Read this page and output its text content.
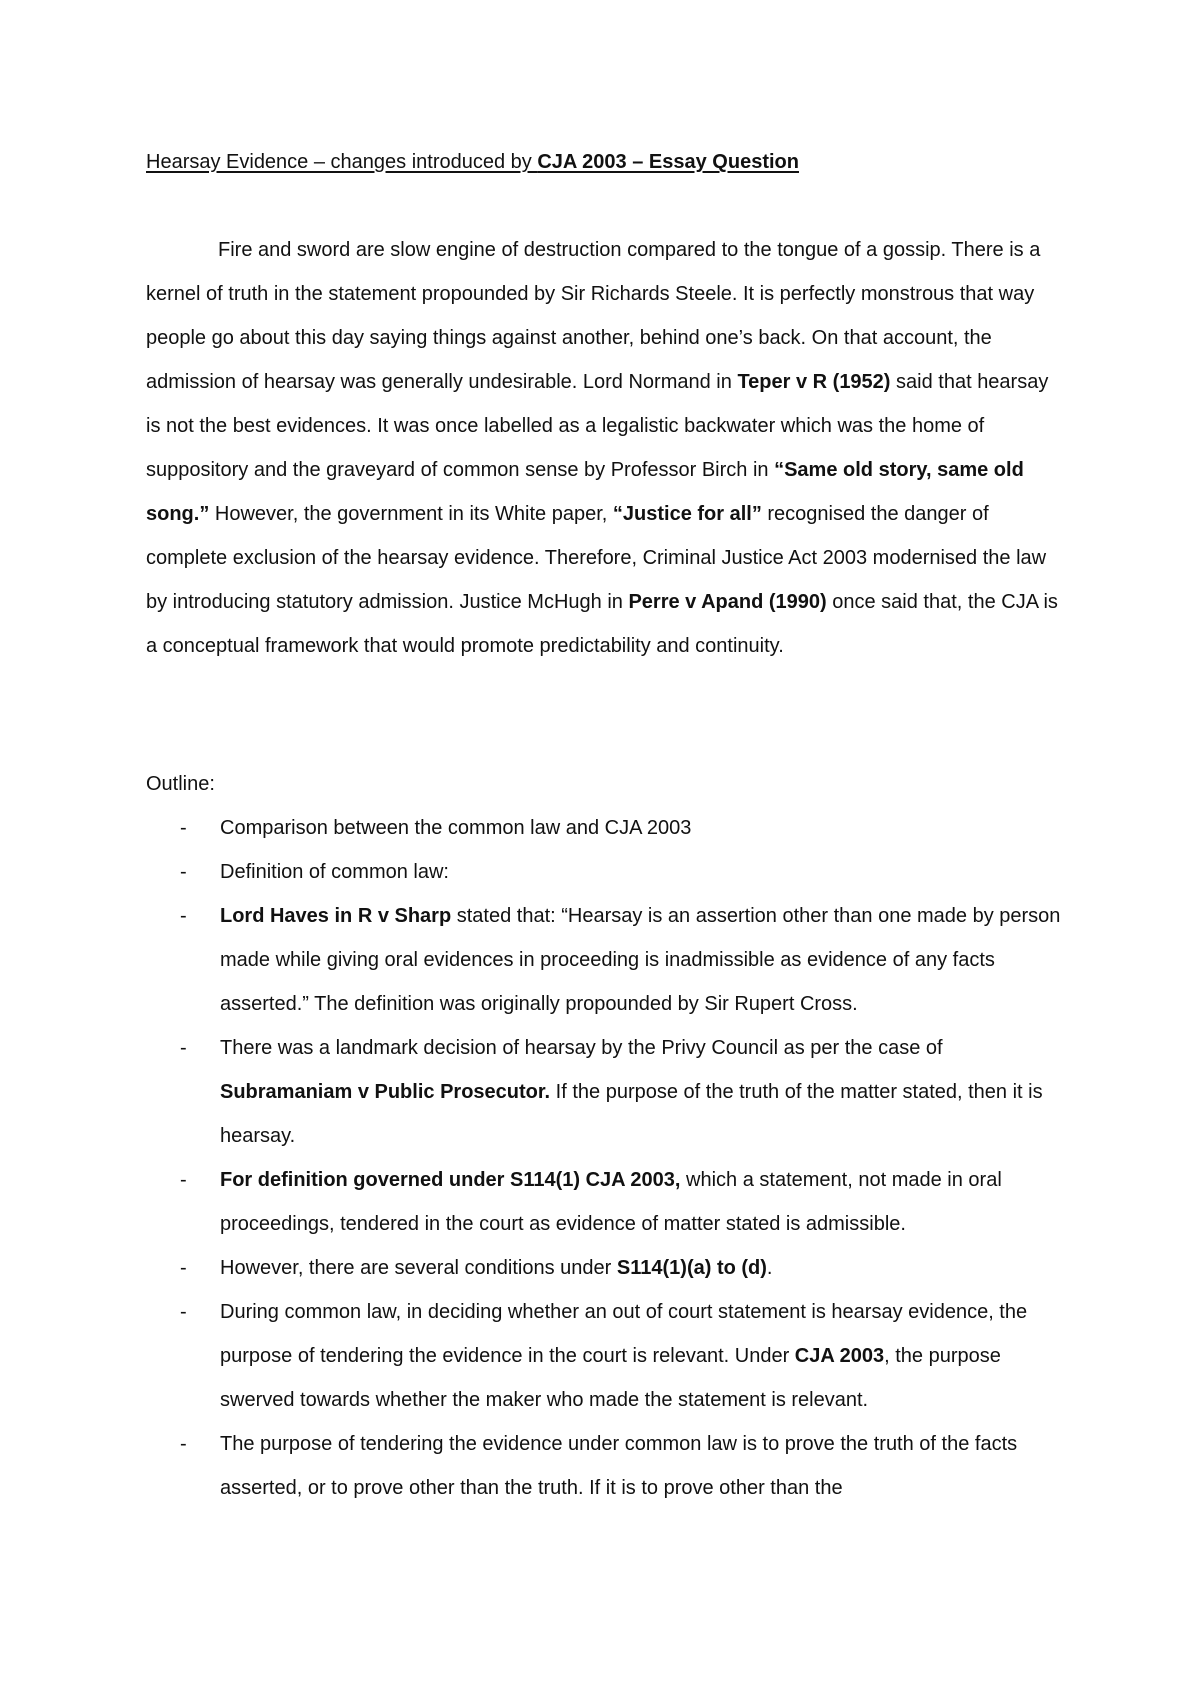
Hearsay Evidence – changes introduced by CJA 2003 – Essay Question

Fire and sword are slow engine of destruction compared to the tongue of a gossip. There is a kernel of truth in the statement propounded by Sir Richards Steele. It is perfectly monstrous that way people go about this day saying things against another, behind one’s back. On that account, the admission of hearsay was generally undesirable. Lord Normand in Teper v R (1952) said that hearsay is not the best evidences. It was once labelled as a legalistic backwater which was the home of suppository and the graveyard of common sense by Professor Birch in “Same old story, same old song.” However, the government in its White paper, “Justice for all” recognised the danger of complete exclusion of the hearsay evidence. Therefore, Criminal Justice Act 2003 modernised the law by introducing statutory admission. Justice McHugh in Perre v Apand (1990) once said that, the CJA is a conceptual framework that would promote predictability and continuity.

Outline:

- Comparison between the common law and CJA 2003
- Definition of common law:
- Lord Haves in R v Sharp stated that: “Hearsay is an assertion other than one made by person made while giving oral evidences in proceeding is inadmissible as evidence of any facts asserted.” The definition was originally propounded by Sir Rupert Cross.
- There was a landmark decision of hearsay by the Privy Council as per the case of Subramaniam v Public Prosecutor. If the purpose of the truth of the matter stated, then it is hearsay.
- For definition governed under S114(1) CJA 2003, which a statement, not made in oral proceedings, tendered in the court as evidence of matter stated is admissible.
- However, there are several conditions under S114(1)(a) to (d).
- During common law, in deciding whether an out of court statement is hearsay evidence, the purpose of tendering the evidence in the court is relevant. Under CJA 2003, the purpose swerved towards whether the maker who made the statement is relevant.
- The purpose of tendering the evidence under common law is to prove the truth of the facts asserted, or to prove other than the truth. If it is to prove other than the
